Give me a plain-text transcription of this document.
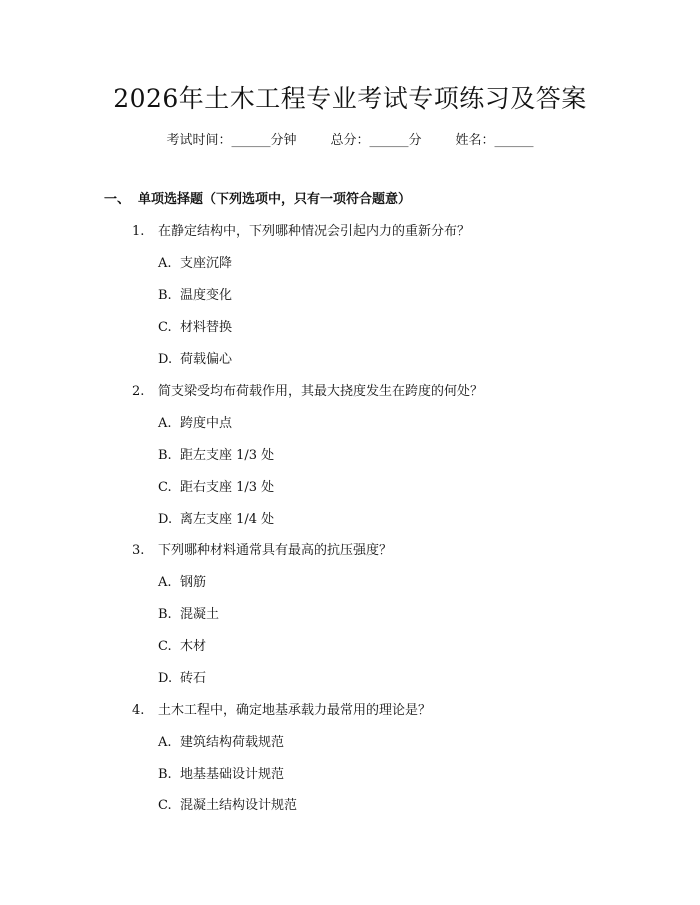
2026年土木工程专业考试专项练习及答案
考试时间：______分钟	总分：______分	姓名：______
一、 单项选择题（下列选项中，只有一项符合题意）
1. 在静定结构中，下列哪种情况会引起内力的重新分布？
A. 支座沉降
B. 温度变化
C. 材料替换
D. 荷载偏心
2. 简支梁受均布荷载作用，其最大挠度发生在跨度的何处？
A. 跨度中点
B. 距左支座 1/3 处
C. 距右支座 1/3 处
D. 离左支座 1/4 处
3. 下列哪种材料通常具有最高的抗压强度？
A. 钢筋
B. 混凝土
C. 木材
D. 砖石
4. 土木工程中，确定地基承载力最常用的理论是？
A. 建筑结构荷载规范
B. 地基基础设计规范
C. 混凝土结构设计规范
